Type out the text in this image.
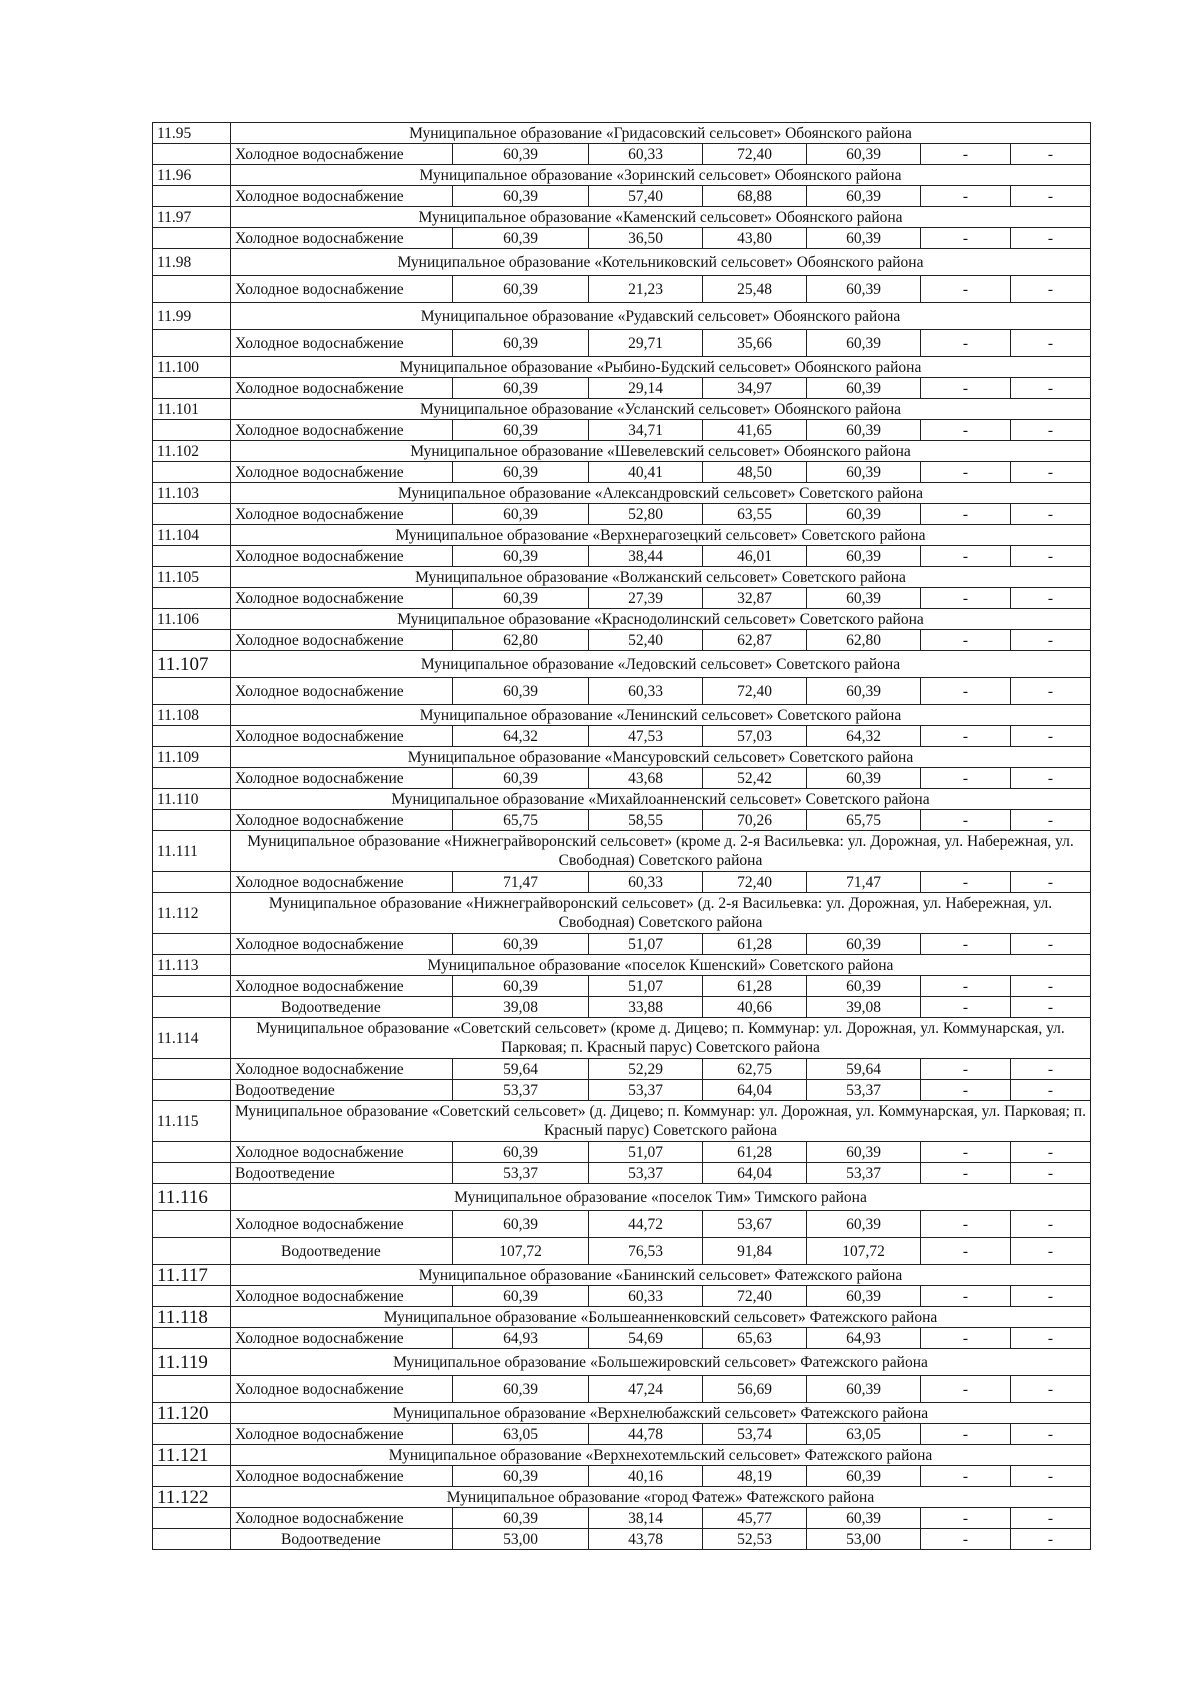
11.95	Муниципальное образование «Гридасовский сельсовет» Обоянского района						
	Холодное водоснабжение	60,39	60,33	72,40	60,39	-	-
11.96	Муниципальное образование «Зоринский сельсовет» Обоянского района						
	Холодное водоснабжение	60,39	57,40	68,88	60,39	-	-
11.97	Муниципальное образование «Каменский сельсовет» Обоянского района						
	Холодное водоснабжение	60,39	36,50	43,80	60,39	-	-
11.98	Муниципальное образование «Котельниковский сельсовет» Обоянского района						
	Холодное водоснабжение	60,39	21,23	25,48	60,39	-	-
11.99	Муниципальное образование «Рудавский сельсовет» Обоянского района						
	Холодное водоснабжение	60,39	29,71	35,66	60,39	-	-
11.100	Муниципальное образование «Рыбино-Будский сельсовет» Обоянского района						
	Холодное водоснабжение	60,39	29,14	34,97	60,39	-	-
11.101	Муниципальное образование «Усланский сельсовет» Обоянского района						
	Холодное водоснабжение	60,39	34,71	41,65	60,39	-	-
11.102	Муниципальное образование «Шевелевский сельсовет» Обоянского района						
	Холодное водоснабжение	60,39	40,41	48,50	60,39	-	-
11.103	Муниципальное образование «Александровский сельсовет» Советского района						
	Холодное водоснабжение	60,39	52,80	63,55	60,39	-	-
11.104	Муниципальное образование «Верхнерагозецкий сельсовет» Советского района						
	Холодное водоснабжение	60,39	38,44	46,01	60,39	-	-
11.105	Муниципальное образование «Волжанский сельсовет» Советского района						
	Холодное водоснабжение	60,39	27,39	32,87	60,39	-	-
11.106	Муниципальное образование «Краснодолинский сельсовет» Советского района						
	Холодное водоснабжение	62,80	52,40	62,87	62,80	-	-
11.107	Муниципальное образование «Ледовский сельсовет» Советского района						
	Холодное водоснабжение	60,39	60,33	72,40	60,39	-	-
11.108	Муниципальное образование «Ленинский сельсовет» Советского района						
	Холодное водоснабжение	64,32	47,53	57,03	64,32	-	-
11.109	Муниципальное образование «Мансуровский сельсовет» Советского района						
	Холодное водоснабжение	60,39	43,68	52,42	60,39	-	-
11.110	Муниципальное образование «Михайлоанненский сельсовет» Советского района						
	Холодное водоснабжение	65,75	58,55	70,26	65,75	-	-
11.111	Муниципальное образование «Нижнеграйворонский сельсовет» (кроме д. 2-я Васильевка: ул. Дорожная, ул. Набережная, ул. Свободная) Советского района						
	Холодное водоснабжение	71,47	60,33	72,40	71,47	-	-
11.112	Муниципальное образование «Нижнеграйворонский сельсовет» (д. 2-я Васильевка: ул. Дорожная, ул. Набережная, ул. Свободная) Советского района						
	Холодное водоснабжение	60,39	51,07	61,28	60,39	-	-
11.113	Муниципальное образование «поселок Кшенский» Советского района						
	Холодное водоснабжение	60,39	51,07	61,28	60,39	-	-
	Водоотведение	39,08	33,88	40,66	39,08	-	-
11.114	Муниципальное образование «Советский сельсовет» (кроме д. Дицево; п. Коммунар: ул. Дорожная, ул. Коммунарская, ул. Парковая; п. Красный парус) Советского района						
	Холодное водоснабжение	59,64	52,29	62,75	59,64	-	-
	Водоотведение	53,37	53,37	64,04	53,37	-	-
11.115	Муниципальное образование «Советский сельсовет» (д. Дицево; п. Коммунар: ул. Дорожная, ул. Коммунарская, ул. Парковая; п. Красный парус) Советского района						
	Холодное водоснабжение	60,39	51,07	61,28	60,39	-	-
	Водоотведение	53,37	53,37	64,04	53,37	-	-
11.116	Муниципальное образование «поселок Тим» Тимского района						
	Холодное водоснабжение	60,39	44,72	53,67	60,39	-	-
	Водоотведение	107,72	76,53	91,84	107,72	-	-
11.117	Муниципальное образование «Банинский сельсовет» Фатежского района						
	Холодное водоснабжение	60,39	60,33	72,40	60,39	-	-
11.118	Муниципальное образование «Большеанненковский сельсовет» Фатежского района						
	Холодное водоснабжение	64,93	54,69	65,63	64,93	-	-
11.119	Муниципальное образование «Большежировский сельсовет» Фатежского района						
	Холодное водоснабжение	60,39	47,24	56,69	60,39	-	-
11.120	Муниципальное образование «Верхнелюбажский сельсовет» Фатежского района						
	Холодное водоснабжение	63,05	44,78	53,74	63,05	-	-
11.121	Муниципальное образование «Верхнехотемльский сельсовет» Фатежского района						
	Холодное водоснабжение	60,39	40,16	48,19	60,39	-	-
11.122	Муниципальное образование «город Фатеж» Фатежского района						
	Холодное водоснабжение	60,39	38,14	45,77	60,39	-	-
	Водоотведение	53,00	43,78	52,53	53,00	-	-
